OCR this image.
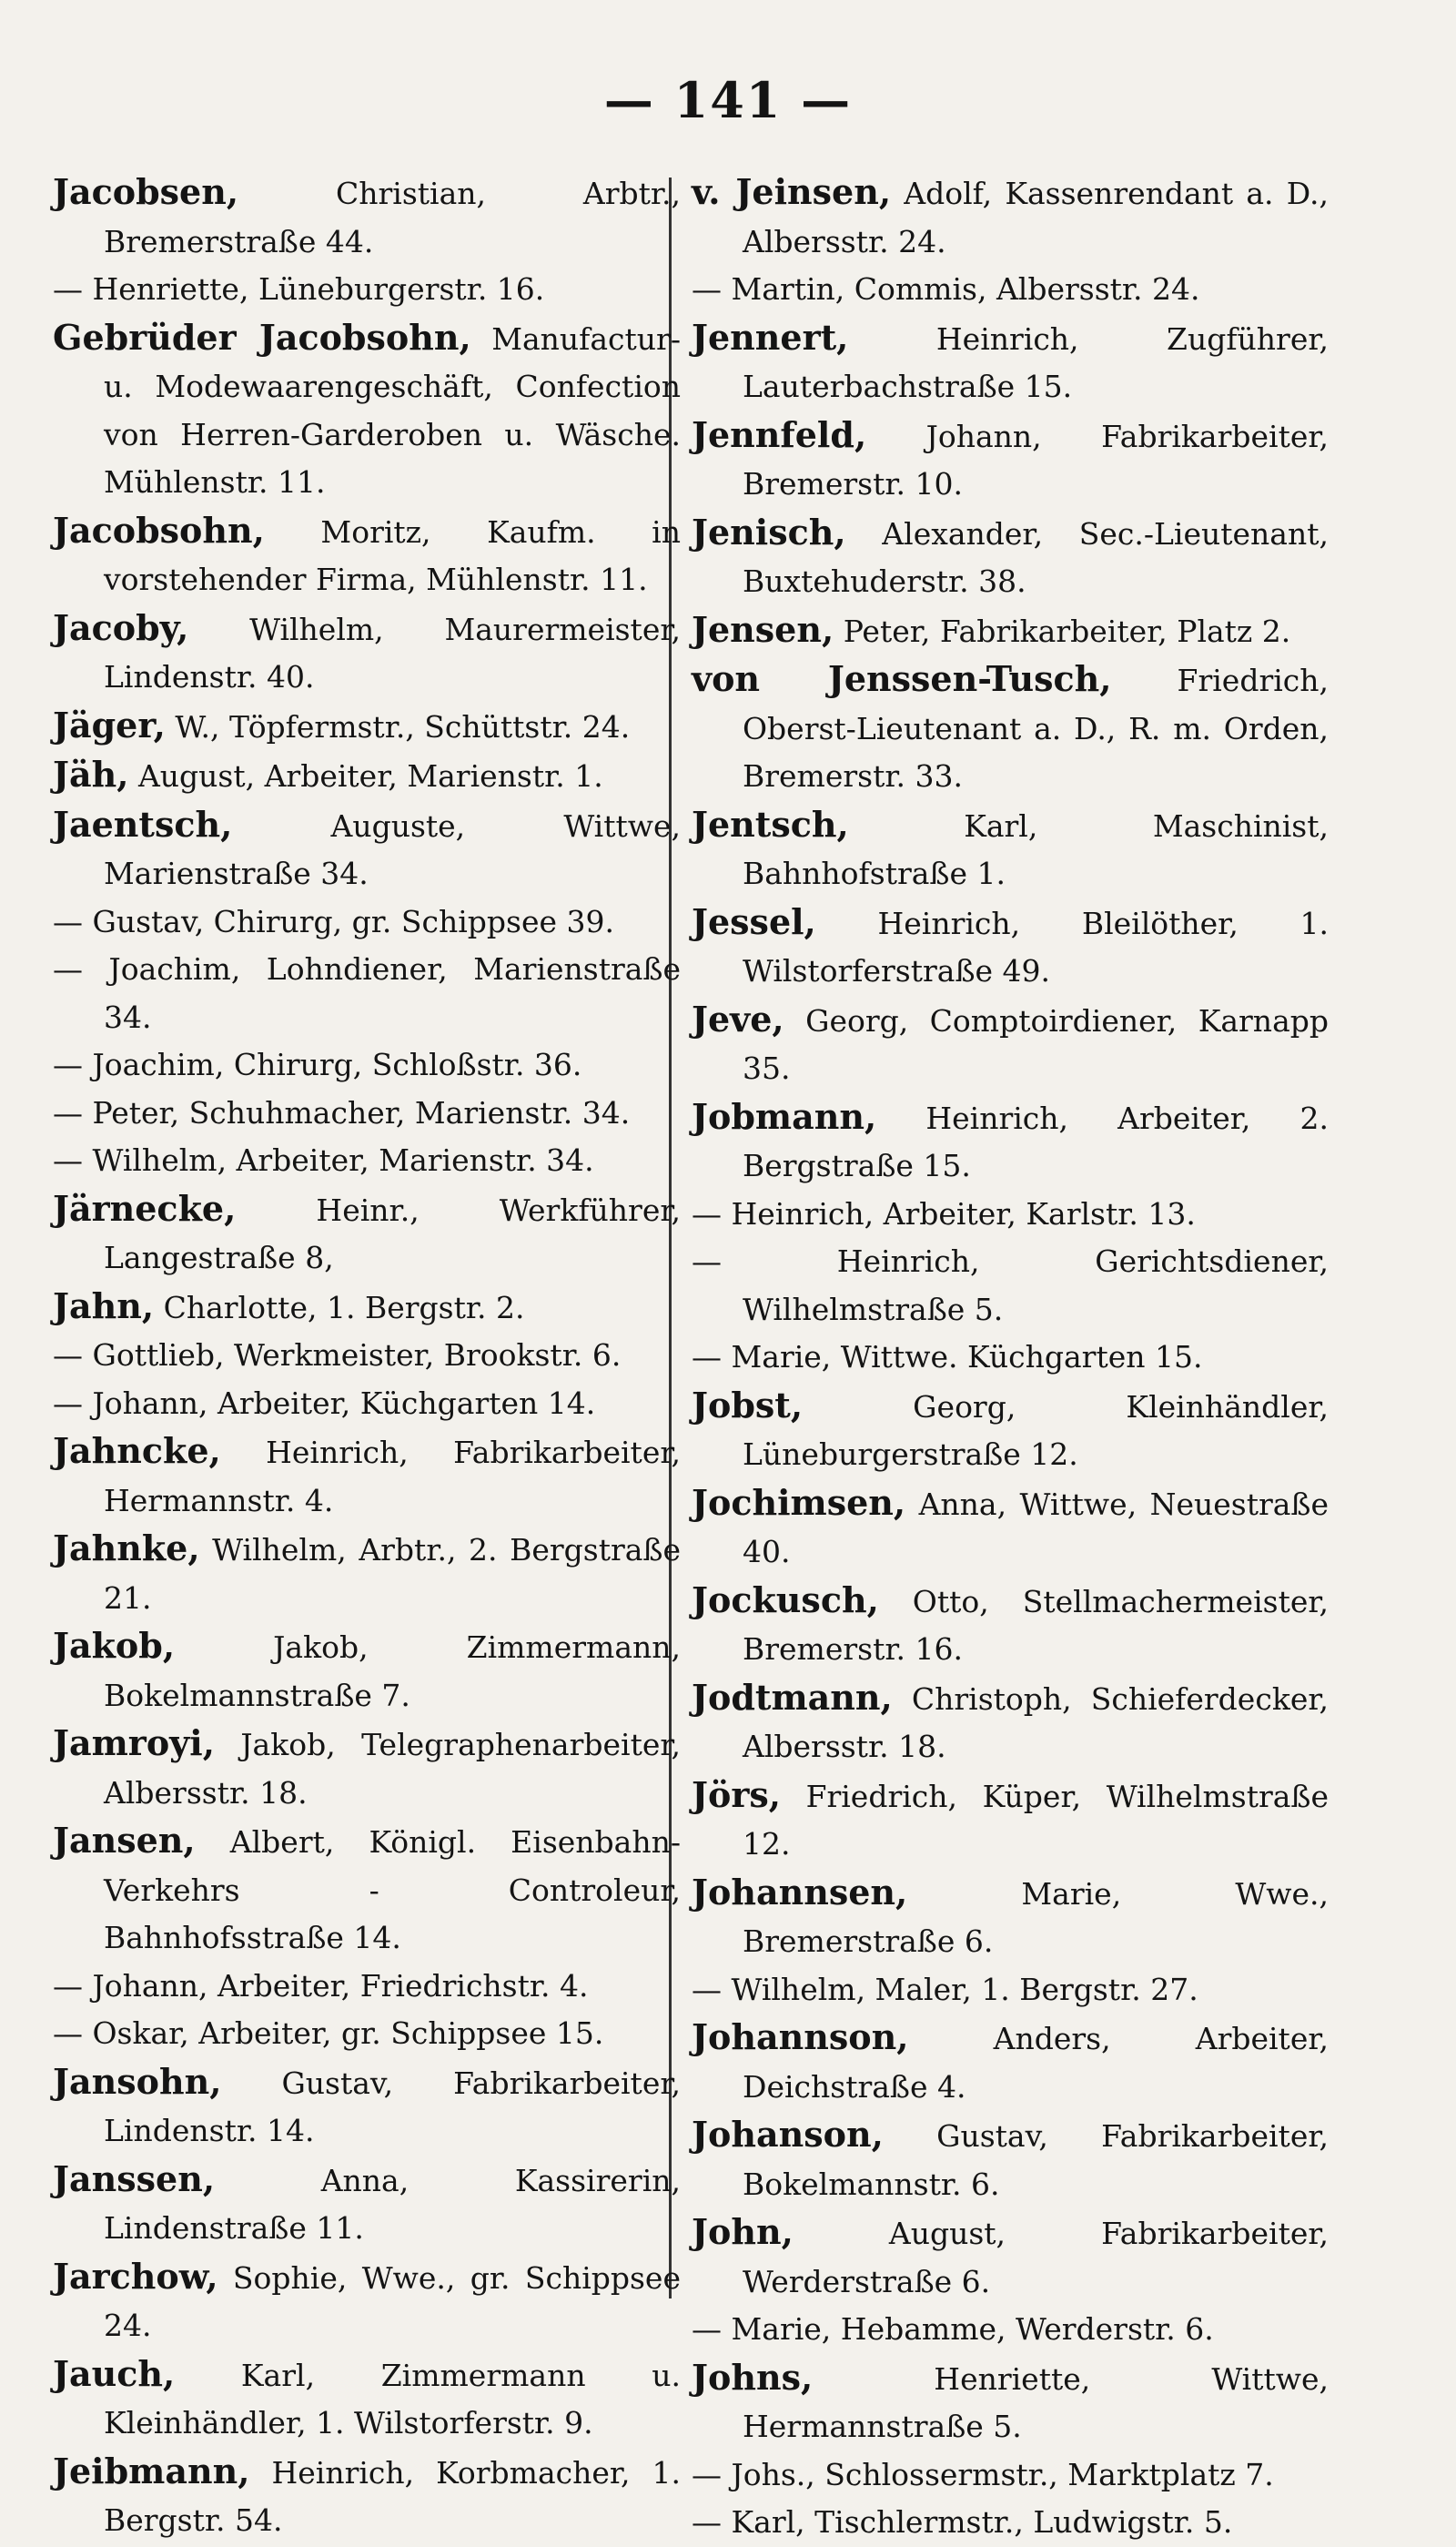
— 141 —
Jacobsen, Christian, Arbtr., Bremerstraße 44.
— Henriette, Lüneburgerstr. 16.
Gebrüder Jacobsohn, Manufactur- u. Modewaarengeschäft, Confection von Herren-Garderoben u. Wäsche. Mühlenstr. 11.
Jacobsohn, Moritz, Kaufm. in vorstehender Firma, Mühlenstr. 11.
Jacoby, Wilhelm, Maurermeister, Lindenstr. 40.
Jäger, W., Töpfermstr., Schüttstr. 24.
Jäh, August, Arbeiter, Marienstr. 1.
Jaentsch, Auguste, Wittwe, Marienstraße 34.
— Gustav, Chirurg, gr. Schippsee 39.
— Joachim, Lohndiener, Marienstraße 34.
— Joachim, Chirurg, Schloßstr. 36.
— Peter, Schuhmacher, Marienstr. 34.
— Wilhelm, Arbeiter, Marienstr. 34.
Järnecke, Heinr., Werkführer, Langestraße 8,
Jahn, Charlotte, 1. Bergstr. 2.
— Gottlieb, Werkmeister, Brookstr. 6.
— Johann, Arbeiter, Küchgarten 14.
Jahncke, Heinrich, Fabrikarbeiter, Hermannstr. 4.
Jahnke, Wilhelm, Arbtr., 2. Bergstraße 21.
Jakob, Jakob, Zimmermann, Bokelmannstraße 7.
Jamroyi, Jakob, Telegraphenarbeiter, Albersstr. 18.
Jansen, Albert, Königl. Eisenbahn-Verkehrs - Controleur, Bahnhofsstraße 14.
— Johann, Arbeiter, Friedrichstr. 4.
— Oskar, Arbeiter, gr. Schippsee 15.
Jansohn, Gustav, Fabrikarbeiter, Lindenstr. 14.
Janssen, Anna, Kassirerin, Lindenstraße 11.
Jarchow, Sophie, Wwe., gr. Schippsee 24.
Jauch, Karl, Zimmermann u. Kleinhändler, 1. Wilstorferstr. 9.
Jeibmann, Heinrich, Korbmacher, 1. Bergstr. 54.
v. Jeinsen, Adolf, Kassenrendant a. D., Albersstr. 24.
— Martin, Commis, Albersstr. 24.
Jennert, Heinrich, Zugführer, Lauterbachstraße 15.
Jennfeld, Johann, Fabrikarbeiter, Bremerstr. 10.
Jenisch, Alexander, Sec.-Lieutenant, Buxtehuderstr. 38.
Jensen, Peter, Fabrikarbeiter, Platz 2.
von Jenssen-Tusch, Friedrich, Oberst-Lieutenant a. D., R. m. Orden, Bremerstr. 33.
Jentsch, Karl, Maschinist, Bahnhofstraße 1.
Jessel, Heinrich, Bleilöther, 1. Wilstorferstraße 49.
Jeve, Georg, Comptoirdiener, Karnapp 35.
Jobmann, Heinrich, Arbeiter, 2. Bergstraße 15.
— Heinrich, Arbeiter, Karlstr. 13.
— Heinrich, Gerichtsdiener, Wilhelmstraße 5.
— Marie, Wittwe. Küchgarten 15.
Jobst, Georg, Kleinhändler, Lüneburgerstraße 12.
Jochimsen, Anna, Wittwe, Neuestraße 40.
Jockusch, Otto, Stellmachermeister, Bremerstr. 16.
Jodtmann, Christoph, Schieferdecker, Albersstr. 18.
Jörs, Friedrich, Küper, Wilhelmstraße 12.
Johannsen, Marie, Wwe., Bremerstraße 6.
— Wilhelm, Maler, 1. Bergstr. 27.
Johannson, Anders, Arbeiter, Deichstraße 4.
Johanson, Gustav, Fabrikarbeiter, Bokelmannstr. 6.
John, August, Fabrikarbeiter, Werderstraße 6.
— Marie, Hebamme, Werderstr. 6.
Johns, Henriette, Wittwe, Hermannstraße 5.
— Johs., Schlossermstr., Marktplatz 7.
— Karl, Tischlermstr., Ludwigstr. 5.
